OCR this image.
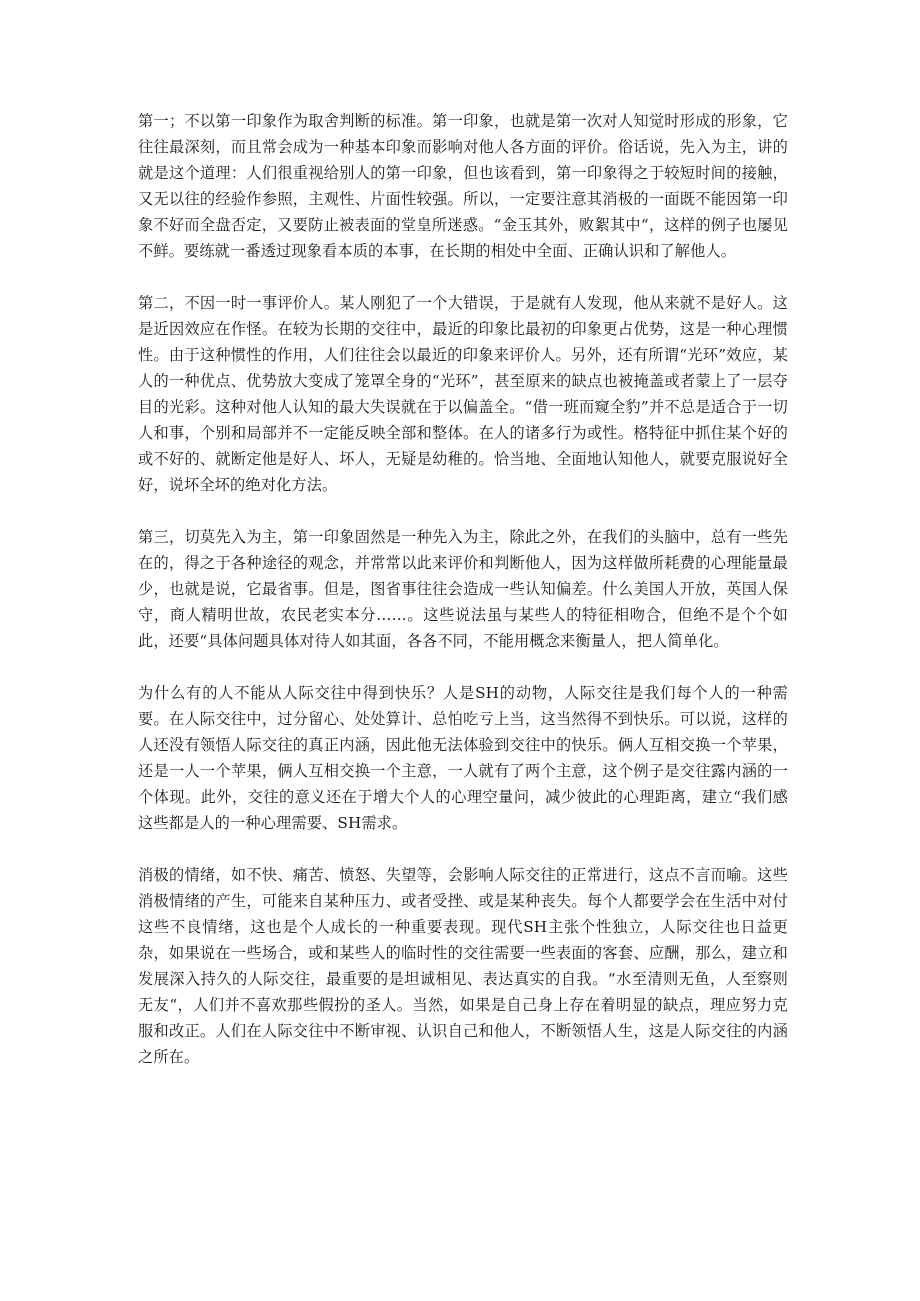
第一；不以第一印象作为取舍判断的标准。第一印象，也就是第一次对人知觉时形成的形象，它往往最深刻，而且常会成为一种基本印象而影响对他人各方面的评价。俗话说，先入为主，讲的就是这个道理：人们很重视给别人的第一印象，但也该看到，第一印象得之于较短时间的接触，又无以往的经验作参照，主观性、片面性较强。所以，一定要注意其消极的一面既不能因第一印象不好而全盘否定，又要防止被表面的堂皇所迷惑。“金玉其外，败絮其中“，这样的例子也屡见不鲜。要练就一番透过现象看本质的本事，在长期的相处中全面、正确认识和了解他人。

第二，不因一时一事评价人。某人刚犯了一个大错误，于是就有人发现，他从来就不是好人。这是近因效应在作怪。在较为长期的交往中，最近的印象比最初的印象更占优势，这是一种心理惯性。由于这种惯性的作用，人们往往会以最近的印象来评价人。另外，还有所谓“光环”效应，某人的一种优点、优势放大变成了笼罩全身的“光环”，甚至原来的缺点也被掩盖或者蒙上了一层夺目的光彩。这种对他人认知的最大失误就在于以偏盖全。“借一班而窥全豹”并不总是适合于一切人和事，个别和局部并不一定能反映全部和整体。在人的诸多行为或性。格特征中抓住某个好的或不好的、就断定他是好人、坏人，无疑是幼稚的。恰当地、全面地认知他人，就要克服说好全好，说坏全坏的绝对化方法。

第三，切莫先入为主，第一印象固然是一种先入为主，除此之外，在我们的头脑中，总有一些先在的，得之于各种途径的观念，并常常以此来评价和判断他人，因为这样做所耗费的心理能量最少，也就是说，它最省事。但是，图省事往往会造成一些认知偏差。什么美国人开放，英国人保守，商人精明世故，农民老实本分……。这些说法虽与某些人的特征相吻合，但绝不是个个如此，还要“具体问题具体对待人如其面，各各不同，不能用概念来衡量人，把人简单化。

为什么有的人不能从人际交往中得到快乐？人是SH的动物，人际交往是我们每个人的一种需要。在人际交往中，过分留心、处处算计、总怕吃亏上当，这当然得不到快乐。可以说，这样的人还没有领悟人际交往的真正内涵，因此他无法体验到交往中的快乐。俩人互相交换一个苹果，还是一人一个苹果，俩人互相交换一个主意，一人就有了两个主意，这个例子是交往露内涵的一个体现。此外，交往的意义还在于增大个人的心理空量问，减少彼此的心理距离，建立“我们感这些都是人的一种心理需要、SH需求。

消极的情绪，如不快、痛苦、愤怒、失望等，会影响人际交往的正常进行，这点不言而喻。这些消极情绪的产生，可能来自某种压力、或者受挫、或是某种丧失。每个人都要学会在生活中对付这些不良情绪，这也是个人成长的一种重要表现。现代SH主张个性独立，人际交往也日益更杂，如果说在一些场合，或和某些人的临时性的交往需要一些表面的客套、应酬，那么，建立和发展深入持久的人际交往，最重要的是坦诚相见、表达真实的自我。“水至清则无鱼，人至察则无友“，人们并不喜欢那些假扮的圣人。当然，如果是自己身上存在着明显的缺点，理应努力克服和改正。人们在人际交往中不断审视、认识自己和他人，不断领悟人生，这是人际交往的内涵之所在。
